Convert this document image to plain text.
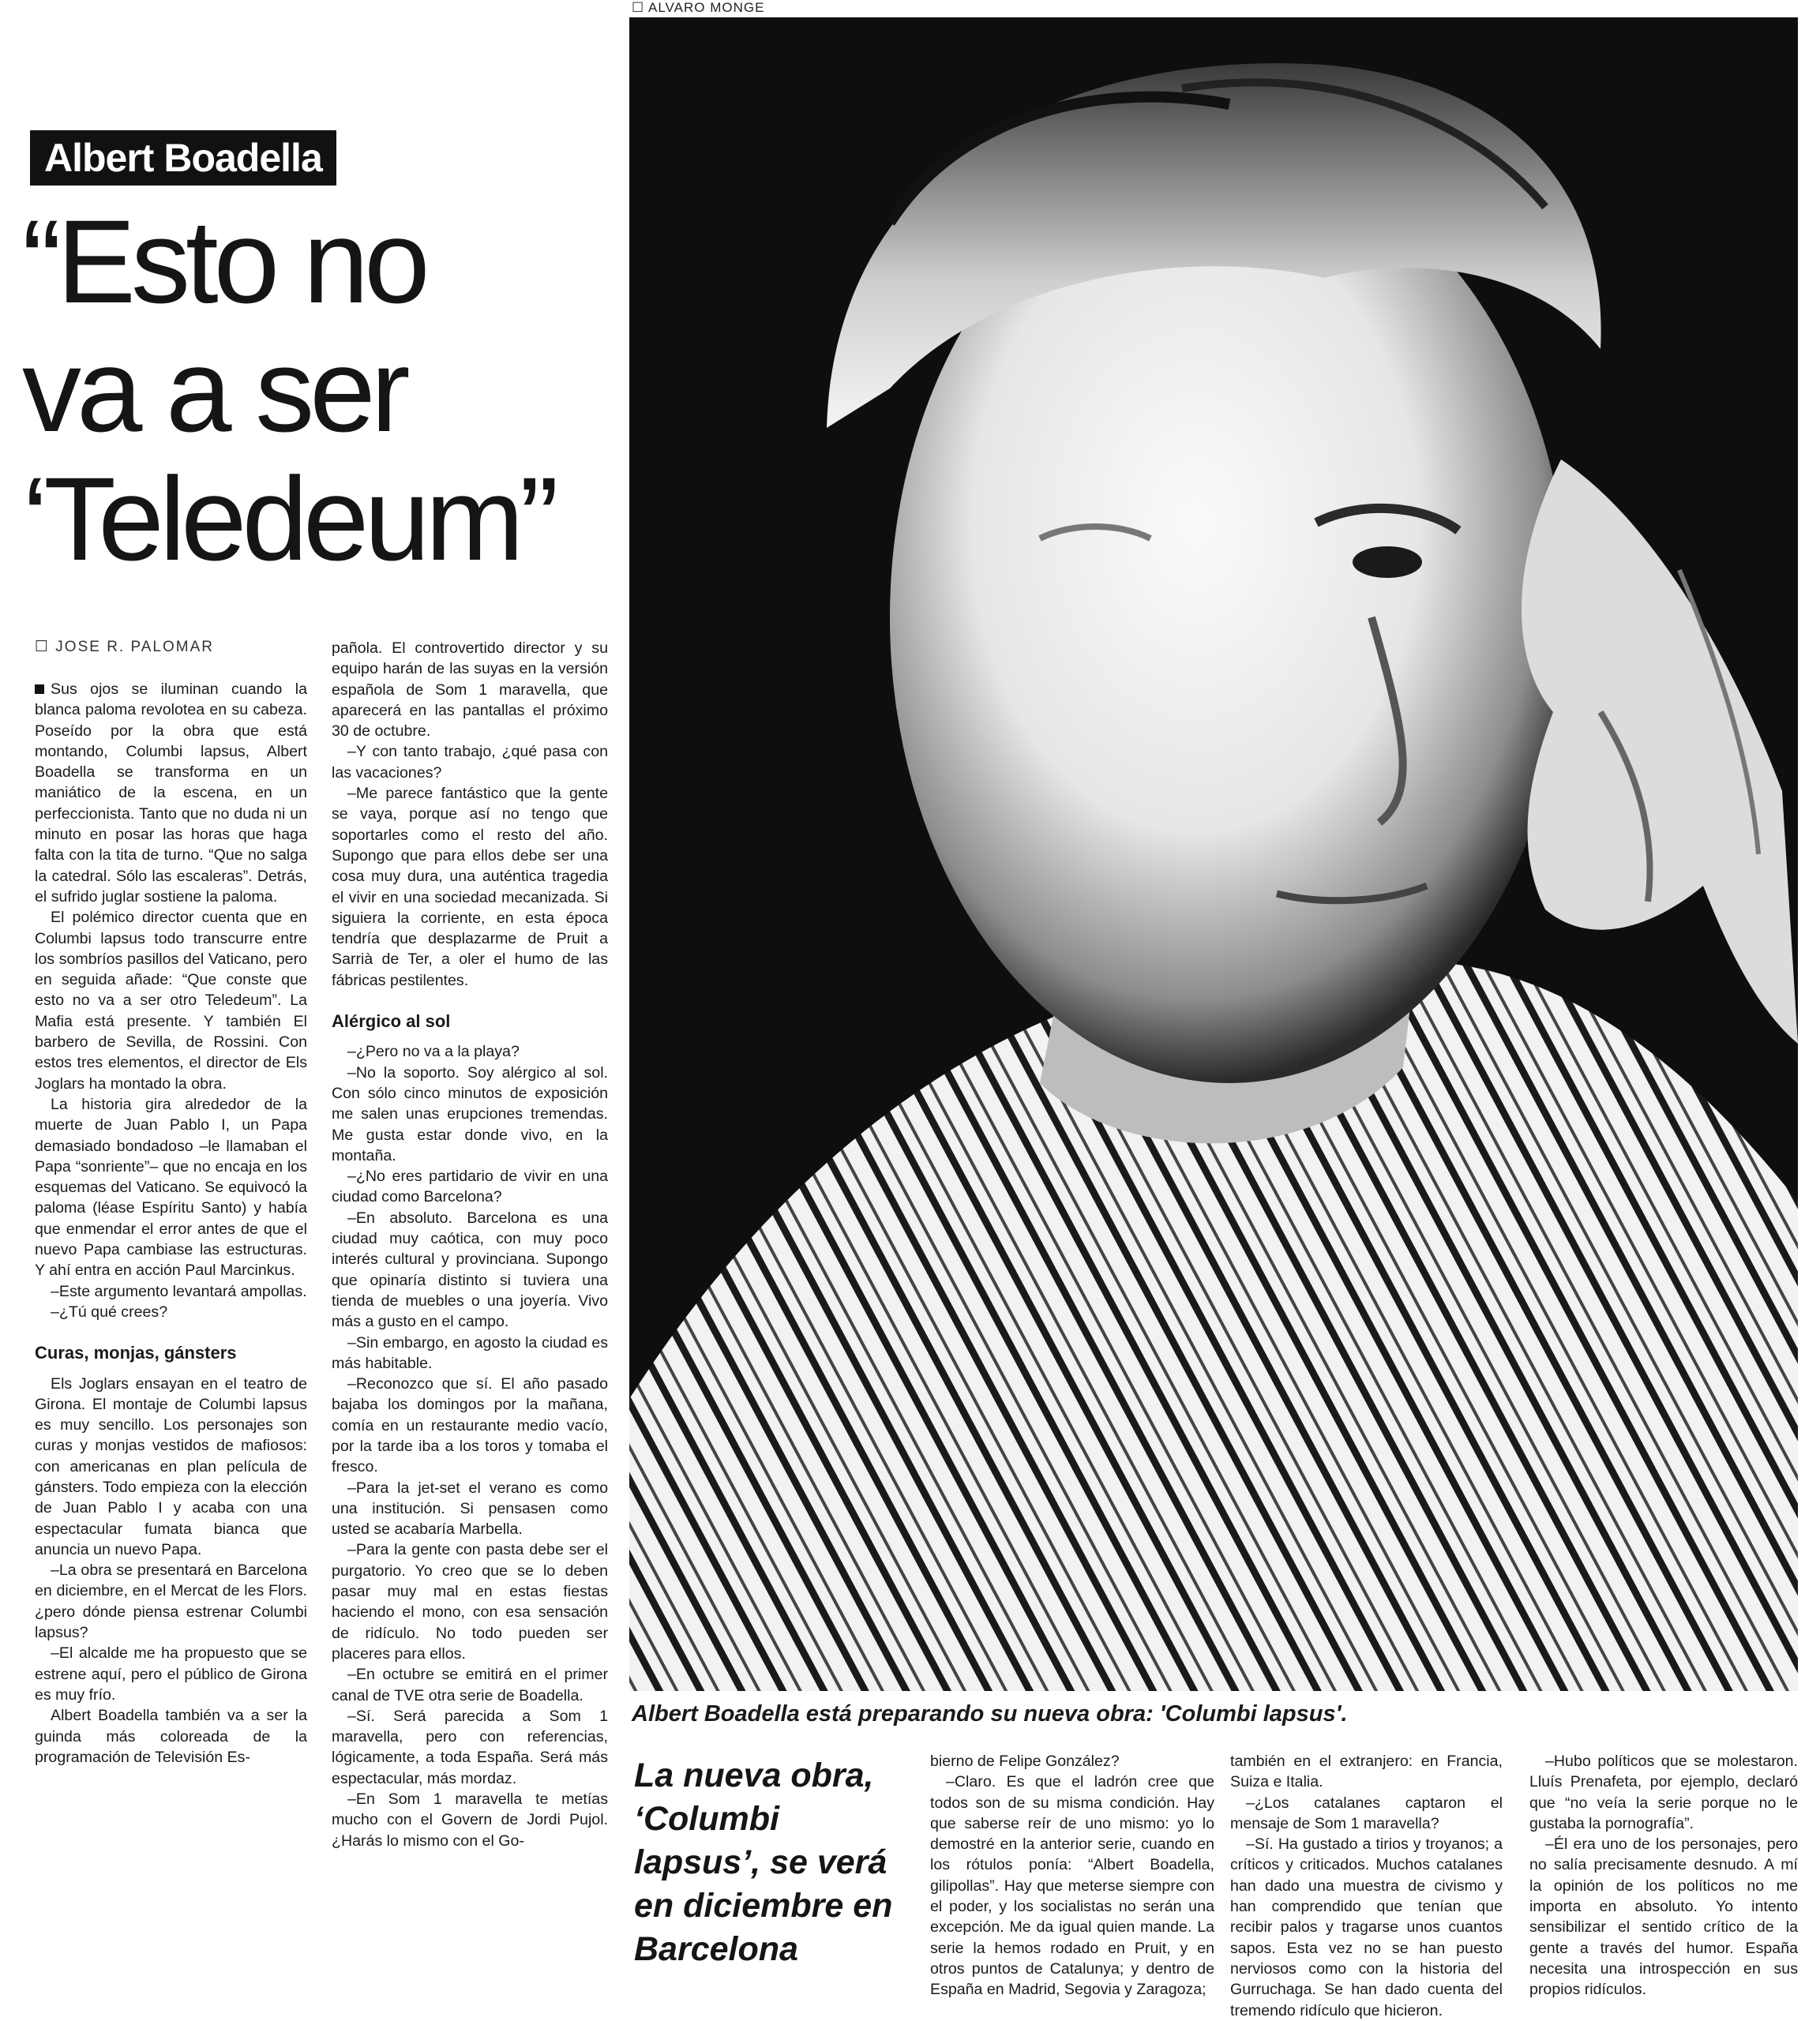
☐ ALVARO MONGE
Albert Boadella está preparando su nueva obra: 'Columbi lapsus'.
Albert Boadella
“Esto no
va a ser
‘Teledeum”
☐ JOSE R. PALOMAR

Sus ojos se iluminan cuando la blanca paloma revolotea en su cabeza. Poseído por la obra que está montando, Columbi lapsus, Albert Boadella se transforma en un maniático de la escena, en un perfeccionista. Tanto que no duda ni un minuto en posar las horas que haga falta con la tita de turno. “Que no salga la catedral. Sólo las escaleras”. Detrás, el sufrido juglar sostiene la paloma.

El polémico director cuenta que en Columbi lapsus todo transcurre entre los sombríos pasillos del Vaticano, pero en seguida añade: “Que conste que esto no va a ser otro Teledeum”. La Mafia está presente. Y también El barbero de Sevilla, de Rossini. Con estos tres elementos, el director de Els Joglars ha montado la obra.

La historia gira alrededor de la muerte de Juan Pablo I, un Papa demasiado bondadoso –le llamaban el Papa “sonriente”– que no encaja en los esquemas del Vaticano. Se equivocó la paloma (léase Espíritu Santo) y había que enmendar el error antes de que el nuevo Papa cambiase las estructuras. Y ahí entra en acción Paul Marcinkus.

–Este argumento levantará ampollas.

–¿Tú qué crees?

Curas, monjas, gánsters

Els Joglars ensayan en el teatro de Girona. El montaje de Columbi lapsus es muy sencillo. Los personajes son curas y monjas vestidos de mafiosos: con americanas en plan película de gánsters. Todo empieza con la elección de Juan Pablo I y acaba con una espectacular fumata bianca que anuncia un nuevo Papa.

–La obra se presentará en Barcelona en diciembre, en el Mercat de les Flors. ¿pero dónde piensa estrenar Columbi lapsus?

–El alcalde me ha propuesto que se estrene aquí, pero el público de Girona es muy frío.

Albert Boadella también va a ser la guinda más coloreada de la programación de Televisión Es-

pañola. El controvertido director y su equipo harán de las suyas en la versión española de Som 1 maravella, que aparecerá en las pantallas el próximo 30 de octubre.

–Y con tanto trabajo, ¿qué pasa con las vacaciones?

–Me parece fantástico que la gente se vaya, porque así no tengo que soportarles como el resto del año. Supongo que para ellos debe ser una cosa muy dura, una auténtica tragedia el vivir en una sociedad mecanizada. Si siguiera la corriente, en esta época tendría que desplazarme de Pruit a Sarrià de Ter, a oler el humo de las fábricas pestilentes.

Alérgico al sol

–¿Pero no va a la playa?

–No la soporto. Soy alérgico al sol. Con sólo cinco minutos de exposición me salen unas erupciones tremendas. Me gusta estar donde vivo, en la montaña.

–¿No eres partidario de vivir en una ciudad como Barcelona?

–En absoluto. Barcelona es una ciudad muy caótica, con muy poco interés cultural y provinciana. Supongo que opinaría distinto si tuviera una tienda de muebles o una joyería. Vivo más a gusto en el campo.

–Sin embargo, en agosto la ciudad es más habitable.

–Reconozco que sí. El año pasado bajaba los domingos por la mañana, comía en un restaurante medio vacío, por la tarde iba a los toros y tomaba el fresco.

–Para la jet-set el verano es como una institución. Si pensasen como usted se acabaría Marbella.

–Para la gente con pasta debe ser el purgatorio. Yo creo que se lo deben pasar muy mal en estas fiestas haciendo el mono, con esa sensación de ridículo. No todo pueden ser placeres para ellos.

–En octubre se emitirá en el primer canal de TVE otra serie de Boadella.

–Sí. Será parecida a Som 1 maravella, pero con referencias, lógicamente, a toda España. Será más espectacular, más mordaz.

–En Som 1 maravella te metías mucho con el Govern de Jordi Pujol. ¿Harás lo mismo con el Go-

La nueva obra, ‘Columbi lapsus’, se verá en diciembre en Barcelona

bierno de Felipe González?

–Claro. Es que el ladrón cree que todos son de su misma condición. Hay que saberse reír de uno mismo: yo lo demostré en la anterior serie, cuando en los rótulos ponía: “Albert Boadella, gilipollas”. Hay que meterse siempre con el poder, y los socialistas no serán una excepción. Me da igual quien mande. La serie la hemos rodado en Pruit, y en otros puntos de Catalunya; y dentro de España en Madrid, Segovia y Zaragoza;

también en el extranjero: en Francia, Suiza e Italia.

–¿Los catalanes captaron el mensaje de Som 1 maravella?

–Sí. Ha gustado a tirios y troyanos; a críticos y criticados. Muchos catalanes han dado una muestra de civismo y han comprendido que tenían que recibir palos y tragarse unos cuantos sapos. Esta vez no se han puesto nerviosos como con la historia del Gurruchaga. Se han dado cuenta del tremendo ridículo que hicieron.

–Hubo políticos que se molestaron. Lluís Prenafeta, por ejemplo, declaró que “no veía la serie porque no le gustaba la pornografía”.

–Él era uno de los personajes, pero no salía precisamente desnudo. A mí la opinión de los políticos no me importa en absoluto. Yo intento sensibilizar el sentido crítico de la gente a través del humor. España necesita una introspección en sus propios ridículos.
